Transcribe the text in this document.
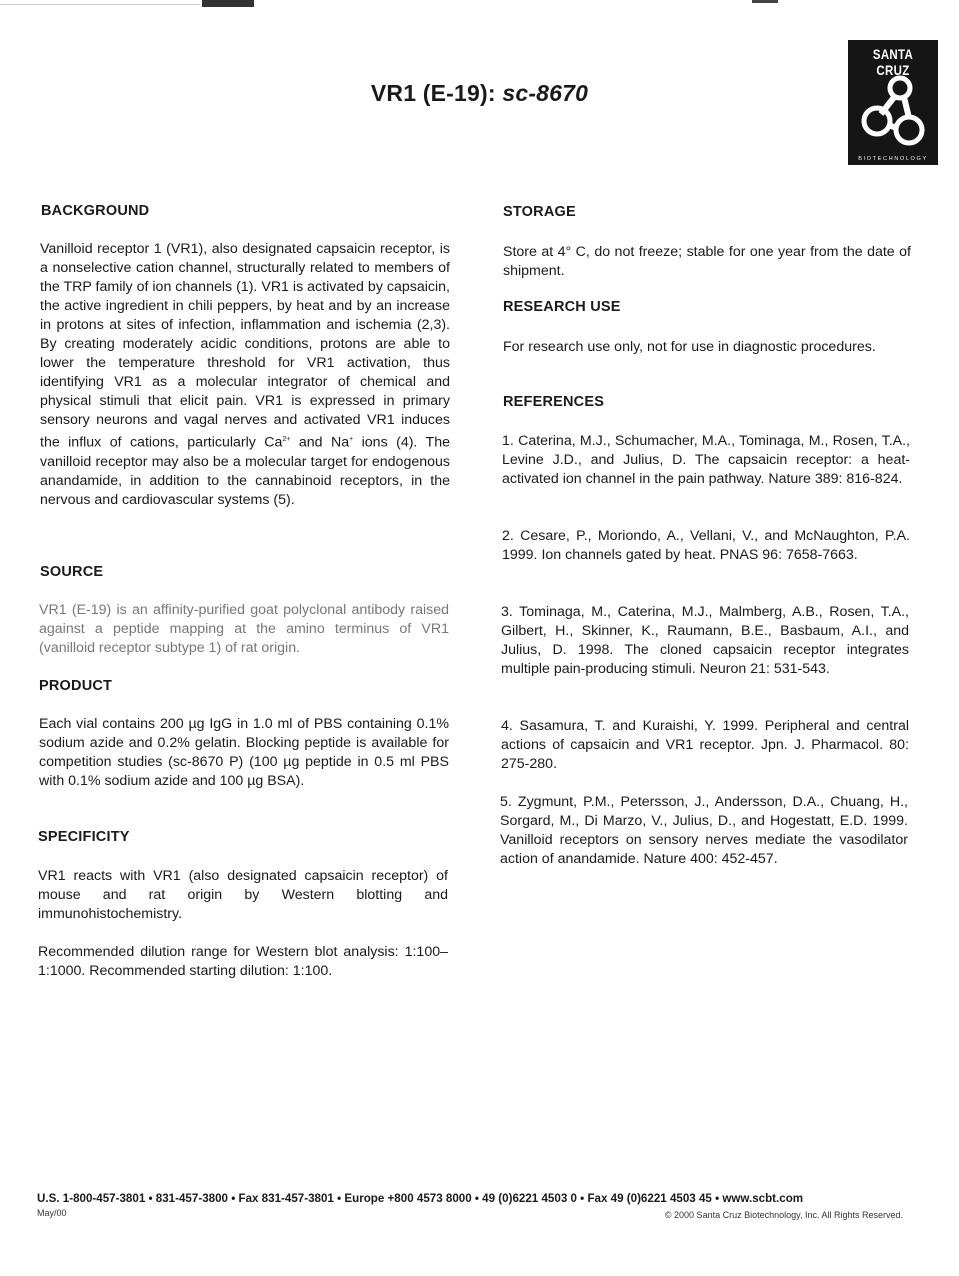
VR1 (E-19): sc-8670
SANTA CRUZ
BIOTECHNOLOGY
BACKGROUND

Vanilloid receptor 1 (VR1), also designated capsaicin receptor, is a nonselective cation channel, structurally related to members of the TRP family of ion channels (1). VR1 is activated by capsaicin, the active ingredient in chili peppers, by heat and by an increase in protons at sites of infection, inflammation and ischemia (2,3). By creating moderately acidic conditions, protons are able to lower the temperature threshold for VR1 activation, thus identifying VR1 as a molecular integrator of chemical and physical stimuli that elicit pain. VR1 is expressed in primary sensory neurons and vagal nerves and activated VR1 induces the influx of cations, particularly $Ca^{2+}$ and Na+ ions (4). The vanilloid receptor may also be a molecular target for endogenous anandamide, in addition to the cannabinoid receptors, in the nervous and cardiovascular systems (5).

SOURCE

VR1 (E-19) is an affinity-purified goat polyclonal antibody raised against a peptide mapping at the amino terminus of VR1 (vanilloid receptor subtype 1) of rat origin.

PRODUCT

Each vial contains 200 µg IgG in 1.0 ml of PBS containing 0.1% sodium azide and 0.2% gelatin. Blocking peptide is available for competition studies (sc-8670 P) (100 µg peptide in 0.5 ml PBS with 0.1% sodium azide and 100 µg BSA).

SPECIFICITY

VR1 reacts with VR1 (also designated capsaicin receptor) of mouse and rat origin by Western blotting and immunohistochemistry.

Recommended dilution range for Western blot analysis: 1:100–1:1000. Recommended starting dilution: 1:100.

STORAGE

Store at 4° C, do not freeze; stable for one year from the date of shipment.

RESEARCH USE

For research use only, not for use in diagnostic procedures.

REFERENCES

1. Caterina, M.J., Schumacher, M.A., Tominaga, M., Rosen, T.A., Levine J.D., and Julius, D. The capsaicin receptor: a heat-activated ion channel in the pain pathway. Nature 389: 816-824.

2. Cesare, P., Moriondo, A., Vellani, V., and McNaughton, P.A. 1999. Ion channels gated by heat. PNAS 96: 7658-7663.

3. Tominaga, M., Caterina, M.J., Malmberg, A.B., Rosen, T.A., Gilbert, H., Skinner, K., Raumann, B.E., Basbaum, A.I., and Julius, D. 1998. The cloned capsaicin receptor integrates multiple pain-producing stimuli. Neuron 21: 531-543.

4. Sasamura, T. and Kuraishi, Y. 1999. Peripheral and central actions of capsaicin and VR1 receptor. Jpn. J. Pharmacol. 80: 275-280.

5. Zygmunt, P.M., Petersson, J., Andersson, D.A., Chuang, H., Sorgard, M., Di Marzo, V., Julius, D., and Hogestatt, E.D. 1999. Vanilloid receptors on sensory nerves mediate the vasodilator action of anandamide. Nature 400: 452-457.

U.S. 1-800-457-3801 • 831-457-3800 • Fax 831-457-3801 • Europe +800 4573 8000 • 49 (0)6221 4503 0 • Fax 49 (0)6221 4503 45 • www.scbt.com
May/00	© 2000 Santa Cruz Biotechnology, Inc. All Rights Reserved.
